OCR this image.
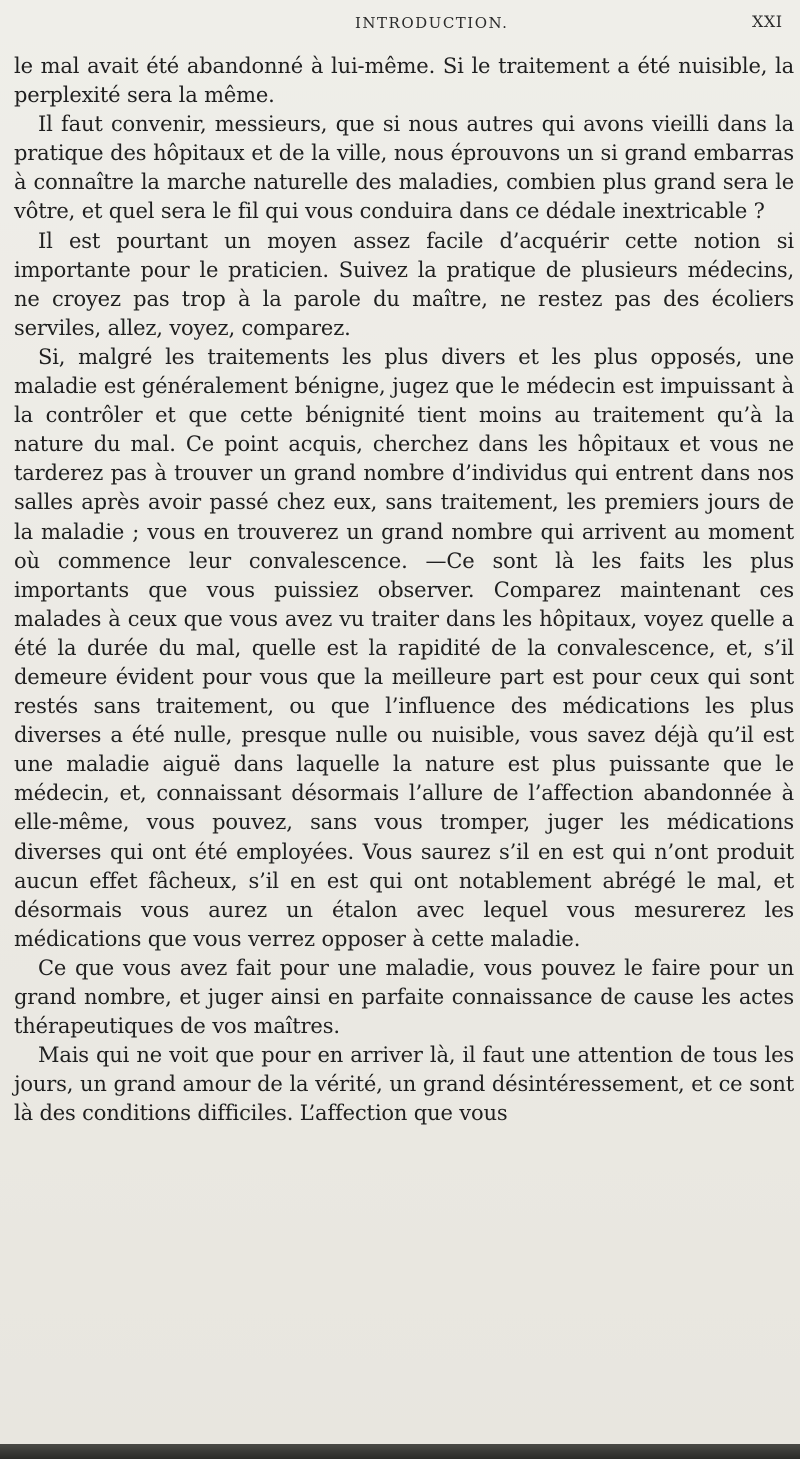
INTRODUCTION.	XXI

le mal avait été abandonné à lui-même. Si le traitement a été nuisible, la perplexité sera la même.

Il faut convenir, messieurs, que si nous autres qui avons vieilli dans la pratique des hôpitaux et de la ville, nous éprouvons un si grand embarras à connaître la marche naturelle des maladies, combien plus grand sera le vôtre, et quel sera le fil qui vous conduira dans ce dédale inextricable ?

Il est pourtant un moyen assez facile d’acquérir cette notion si importante pour le praticien. Suivez la pratique de plusieurs médecins, ne croyez pas trop à la parole du maître, ne restez pas des écoliers serviles, allez, voyez, comparez.

Si, malgré les traitements les plus divers et les plus opposés, une maladie est généralement bénigne, jugez que le médecin est impuissant à la contrôler et que cette bénignité tient moins au traitement qu’à la nature du mal. Ce point acquis, cherchez dans les hôpitaux et vous ne tarderez pas à trouver un grand nombre d’individus qui entrent dans nos salles après avoir passé chez eux, sans traitement, les premiers jours de la maladie ; vous en trouverez un grand nombre qui arrivent au moment où commence leur convalescence. —Ce sont là les faits les plus importants que vous puissiez observer. Comparez maintenant ces malades à ceux que vous avez vu traiter dans les hôpitaux, voyez quelle a été la durée du mal, quelle est la rapidité de la convalescence, et, s’il demeure évident pour vous que la meilleure part est pour ceux qui sont restés sans traitement, ou que l’influence des médications les plus diverses a été nulle, presque nulle ou nuisible, vous savez déjà qu’il est une maladie aiguë dans laquelle la nature est plus puissante que le médecin, et, connaissant désormais l’allure de l’affection abandonnée à elle-même, vous pouvez, sans vous tromper, juger les médications diverses qui ont été employées. Vous saurez s’il en est qui n’ont produit aucun effet fâcheux, s’il en est qui ont notablement abrégé le mal, et désormais vous aurez un étalon avec lequel vous mesurerez les médications que vous verrez opposer à cette maladie.

Ce que vous avez fait pour une maladie, vous pouvez le faire pour un grand nombre, et juger ainsi en parfaite connaissance de cause les actes thérapeutiques de vos maîtres.

Mais qui ne voit que pour en arriver là, il faut une attention de tous les jours, un grand amour de la vérité, un grand désintéressement, et ce sont là des conditions difficiles. L’affection que vous
